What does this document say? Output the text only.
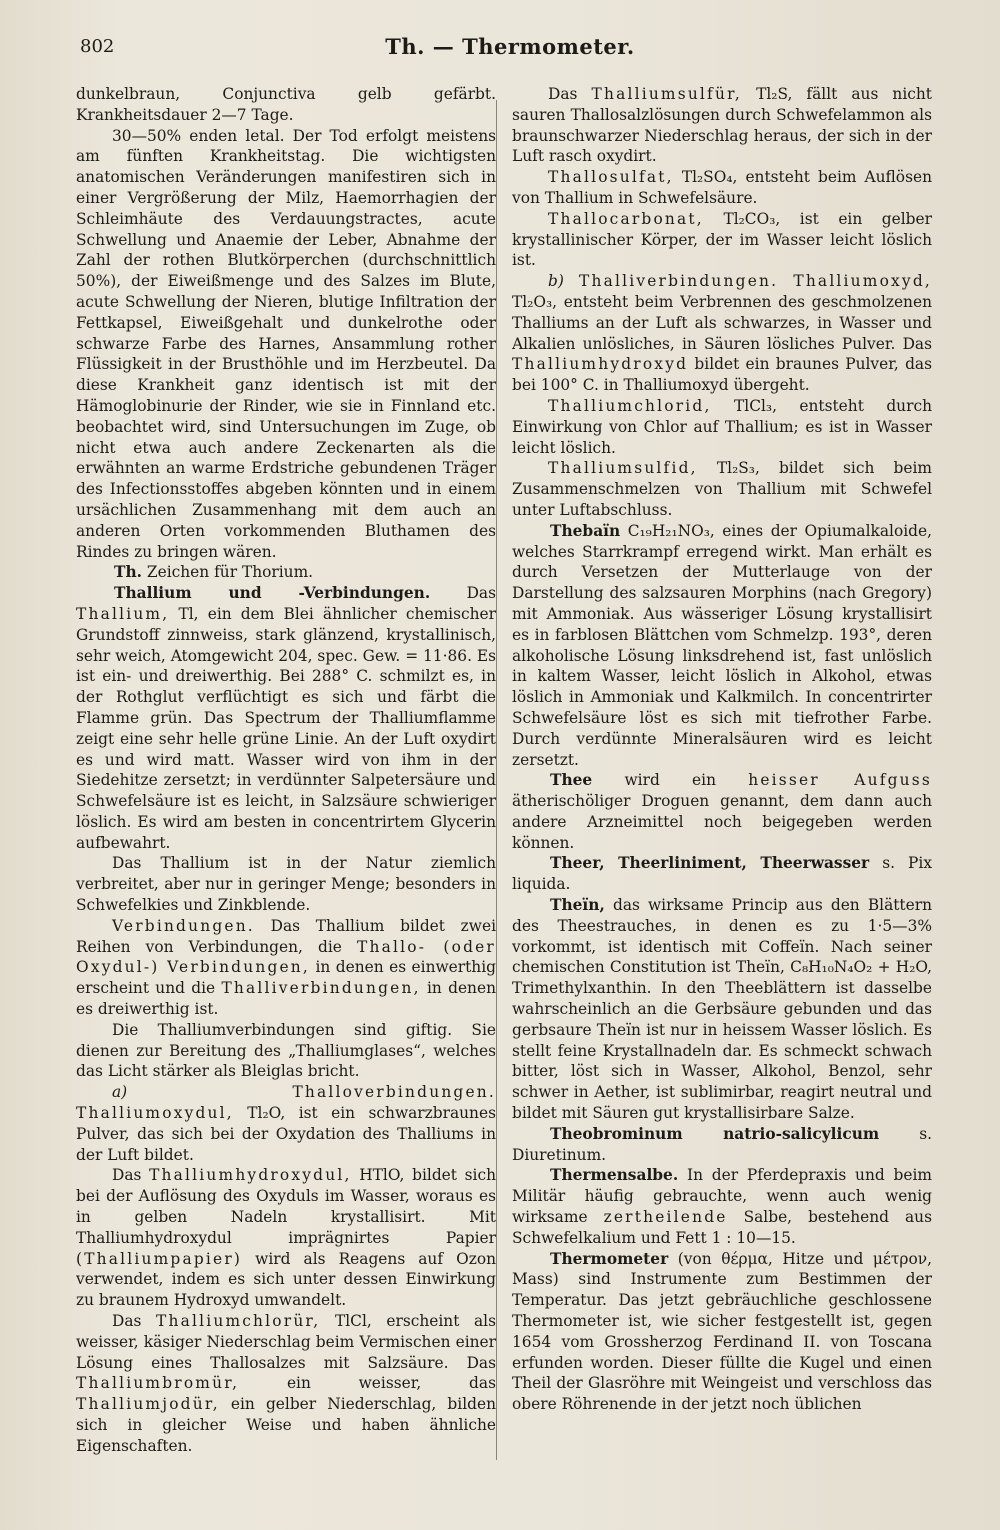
802	Th. — Thermometer.

dunkelbraun, Conjunctiva gelb gefärbt. Krankheitsdauer 2—7 Tage.

30—50% enden letal. Der Tod erfolgt meistens am fünften Krankheitstag. Die wichtigsten anatomischen Veränderungen manifestiren sich in einer Vergrößerung der Milz, Haemorrhagien der Schleimhäute des Verdauungstractes, acute Schwellung und Anaemie der Leber, Abnahme der Zahl der rothen Blutkörperchen (durchschnittlich 50%), der Eiweißmenge und des Salzes im Blute, acute Schwellung der Nieren, blutige Infiltration der Fettkapsel, Eiweißgehalt und dunkelrothe oder schwarze Farbe des Harnes, Ansammlung rother Flüssigkeit in der Brusthöhle und im Herzbeutel. Da diese Krankheit ganz identisch ist mit der Hämoglobinurie der Rinder, wie sie in Finnland etc. beobachtet wird, sind Untersuchungen im Zuge, ob nicht etwa auch andere Zeckenarten als die erwähnten an warme Erdstriche gebundenen Träger des Infectionsstoffes abgeben könnten und in einem ursächlichen Zusammenhang mit dem auch an anderen Orten vorkommenden Bluthamen des Rindes zu bringen wären.

Th. Zeichen für Thorium.

Thallium und -Verbindungen. Das Thallium, Tl, ein dem Blei ähnlicher chemischer Grundstoff zinnweiss, stark glänzend, krystallinisch, sehr weich, Atomgewicht 204, spec. Gew. = 11·86. Es ist ein- und dreiwerthig. Bei 288° C. schmilzt es, in der Rothglut verflüchtigt es sich und färbt die Flamme grün. Das Spectrum der Thalliumflamme zeigt eine sehr helle grüne Linie. An der Luft oxydirt es und wird matt. Wasser wird von ihm in der Siedehitze zersetzt; in verdünnter Salpetersäure und Schwefelsäure ist es leicht, in Salzsäure schwieriger löslich. Es wird am besten in concentrirtem Glycerin aufbewahrt.

Das Thallium ist in der Natur ziemlich verbreitet, aber nur in geringer Menge; besonders in Schwefelkies und Zinkblende.

Verbindungen. Das Thallium bildet zwei Reihen von Verbindungen, die Thallo- (oder Oxydul-) Verbindungen, in denen es einwerthig erscheint und die Thalliverbindungen, in denen es dreiwerthig ist.

Die Thalliumverbindungen sind giftig. Sie dienen zur Bereitung des „Thalliumglases“, welches das Licht stärker als Bleiglas bricht.

a)	Thalloverbindungen. Thalliumoxydul, Tl₂O, ist ein schwarzbraunes Pulver, das sich bei der Oxydation des Thalliums in der Luft bildet.

Das Thalliumhydroxydul, HTlO, bildet sich bei der Auflösung des Oxyduls im Wasser, woraus es in gelben Nadeln krystallisirt. Mit Thalliumhydroxydul imprägnirtes Papier (Thalliumpapier) wird als Reagens auf Ozon verwendet, indem es sich unter dessen Einwirkung zu braunem Hydroxyd umwandelt.

Das Thalliumchlorür, TlCl, erscheint als weisser, käsiger Niederschlag beim Vermischen einer Lösung eines Thallosalzes mit Salzsäure. Das Thalliumbromür,	ein weisser, das Thalliumjodür, ein gelber Niederschlag, bilden sich in gleicher Weise und haben ähnliche Eigenschaften.

Das Thalliumsulfür, Tl₂S, fällt aus nicht sauren Thallosalzlösungen durch Schwefelammon als braunschwarzer Niederschlag heraus, der sich in der Luft rasch oxydirt.

Thallosulfat, Tl₂SO₄, entsteht beim Auflösen von Thallium in Schwefelsäure.

Thallocarbonat, Tl₂CO₃, ist ein gelber krystallinischer Körper, der im Wasser leicht löslich ist.

b) Thalliverbindungen. Thalliumoxyd, Tl₂O₃, entsteht beim Verbrennen des geschmolzenen Thalliums an der Luft als schwarzes, in Wasser und Alkalien unlösliches, in Säuren lösliches Pulver. Das Thalliumhydroxyd bildet ein braunes Pulver, das bei 100° C. in Thalliumoxyd übergeht.

Thalliumchlorid, TlCl₃, entsteht durch Einwirkung von Chlor auf Thallium; es ist in Wasser leicht löslich.

Thalliumsulfid, Tl₂S₃, bildet sich beim Zusammenschmelzen von Thallium mit Schwefel unter Luftabschluss.

Thebaïn C₁₉H₂₁NO₃, eines der Opiumalkaloide, welches Starrkrampf erregend wirkt. Man erhält es durch Versetzen der Mutterlauge von der Darstellung des salzsauren Morphins (nach Gregory) mit Ammoniak. Aus wässeriger Lösung krystallisirt es in farblosen Blättchen vom Schmelzp. 193°, deren alkoholische Lösung linksdrehend ist, fast unlöslich in kaltem Wasser, leicht löslich in Alkohol, etwas löslich in Ammoniak und Kalkmilch. In concentrirter Schwefelsäure löst es sich mit tiefrother Farbe. Durch verdünnte Mineralsäuren wird es leicht zersetzt.

Thee wird ein heisser Aufguss ätherischöliger Droguen genannt, dem dann auch andere Arzneimittel noch beigegeben werden können.

Theer, Theerliniment, Theerwasser s. Pix liquida.

Theïn, das wirksame Princip aus den Blättern des Theestrauches, in denen es zu 1·5—3% vorkommt, ist identisch mit Coffeïn. Nach seiner chemischen Constitution ist Theïn, C₈H₁₀N₄O₂ + H₂O, Trimethylxanthin. In den Theeblättern ist dasselbe wahrscheinlich an die Gerbsäure gebunden und das gerbsaure Theïn ist nur in heissem Wasser löslich. Es stellt feine Krystallnadeln dar. Es schmeckt schwach bitter, löst sich in Wasser, Alkohol, Benzol, sehr schwer in Aether, ist sublimirbar, reagirt neutral und bildet mit Säuren gut krystallisirbare Salze.

Theobrominum natrio-salicylicum	s. Diuretinum.

Thermensalbe. In der Pferdepraxis und beim Militär häufig gebrauchte, wenn auch wenig wirksame zertheilende Salbe, bestehend aus Schwefelkalium und Fett 1 : 10—15.

Thermometer (von θέρμα, Hitze und μέτρον, Mass) sind Instrumente zum Bestimmen der Temperatur. Das jetzt gebräuchliche geschlossene Thermometer ist, wie sicher festgestellt ist, gegen 1654 vom Grossherzog Ferdinand II. von Toscana erfunden worden. Dieser füllte die Kugel und einen Theil der Glasröhre mit Weingeist und verschloss das obere Röhrenende in der jetzt noch üblichen
